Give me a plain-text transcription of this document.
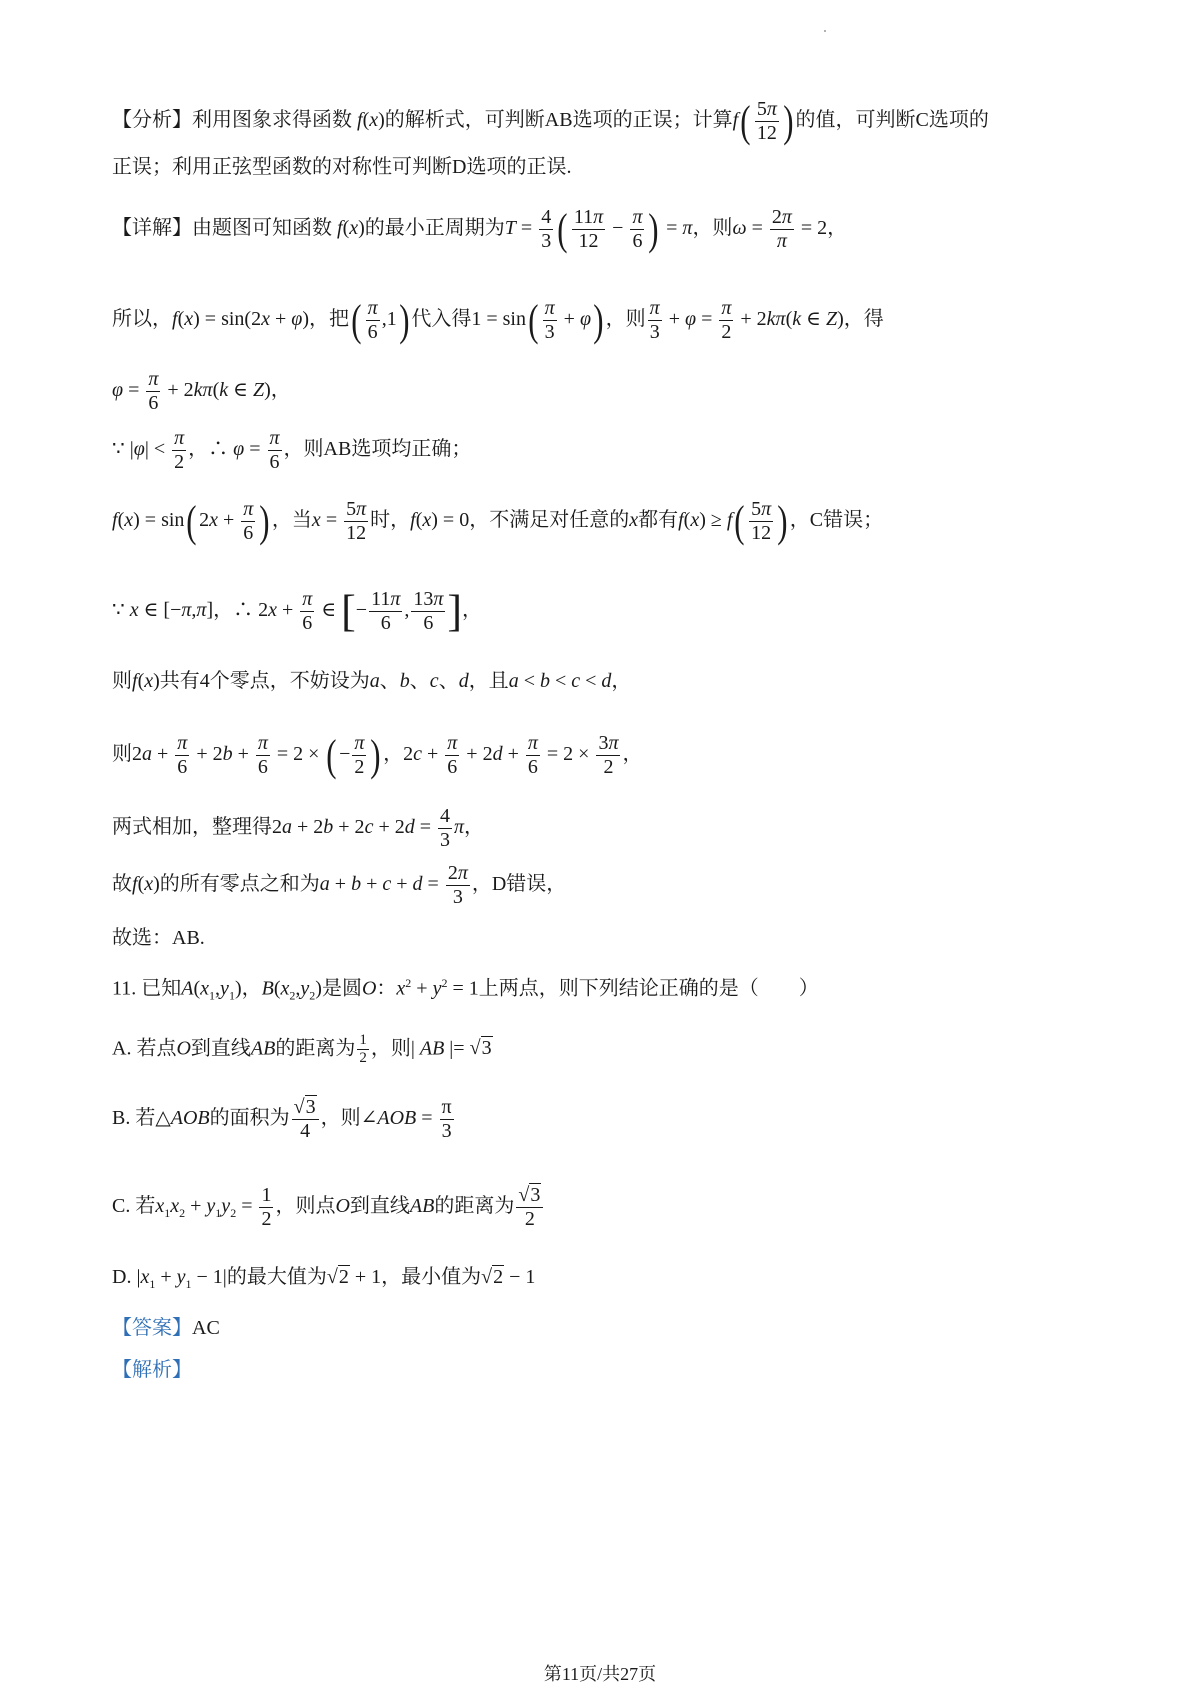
【分析】利用图象求得函数 f(x)的解析式，可判断AB选项的正误；计算$f( \frac{5\pi}{12}$ ) 的值，可判断C选项的
正误；利用正弦型函数的对称性可判断D选项的正误.
【详解】由题图可知函数 f(x)的最小正周期为$T = \frac{4}{3}$ ( $\frac{11\pi}{12} - \frac{\pi}{6}$ ) = π，则$\omega = \frac{2\pi}{\pi} = 2$，
所以，f(x) = sin(2x + φ)，把( $\frac{\pi}{6} ,1$) 代入得$1 = \sin( \frac{\pi}{3} + \varphi)$ ，则 $\frac{\pi}{3} + \varphi = \frac{\pi}{2} + 2k\pi(k$ ∈ Z)，得
$\varphi = \frac{\pi}{6} + 2k\pi(k$ ∈ Z)，
∵ $|\varphi| < \frac{\pi}{2}$ ，∴ $\varphi = \frac{\pi}{6}$ ，则AB选项均正确；
f(x) = sin( $2x + \frac{\pi}{6}$ ) ，当$x = \frac{5\pi}{12}$ 时，f(x) = 0，不满足对任意的x都有$f(x) \ge f( \frac{5\pi}{12}$ ) ，C错误；
∵ x ∈ [−π,π]，∴ $2x + \frac{\pi}{6}$ ∈ [− $\frac{11\pi}{6}$ , $\frac{13\pi}{6}$ ]，
则f(x)共有4个零点，不妨设为a、b、c、d，且a < b < c < d，
则$2a + \frac{\pi}{6} + 2b + \frac{\pi}{6} = 2$ × ( − $\frac{\pi}{2}$ ) ，$2c + \frac{\pi}{6} + 2d + \frac{\pi}{6} = 2 \times \frac{3\pi}{2}$ ，
两式相加，整理得$2a + 2b + 2c + 2d = \frac{4}{3}$ π，
故f(x)的所有零点之和为$a + b + c + d = \frac{2\pi}{3}$ ，D错误，
故选：AB.
11. 已知$A(x_1,y_1)$，$B(x_2,y_2)$是圆O：$x^2 + y^2 = 1$上两点，则下列结论正确的是（　　）
A. 若点O到直线AB的距离为 $\frac{1}{2}$ ，则| AB |= √3
B. 若△AOB的面积为 $\frac{√3}{4}$ ，则∠AOB = $\frac{\pi}{3}$
C. 若$x_1x_2 + y_1y_2 = \frac{1}{2}$ ，则点O到直线AB的距离为 $\frac{√3}{2}$
D. $|x_1 + y_1 - 1|$的最大值为√2 + 1，最小值为√2 − 1
【答案】AC
【解析】
第11页/共27页
